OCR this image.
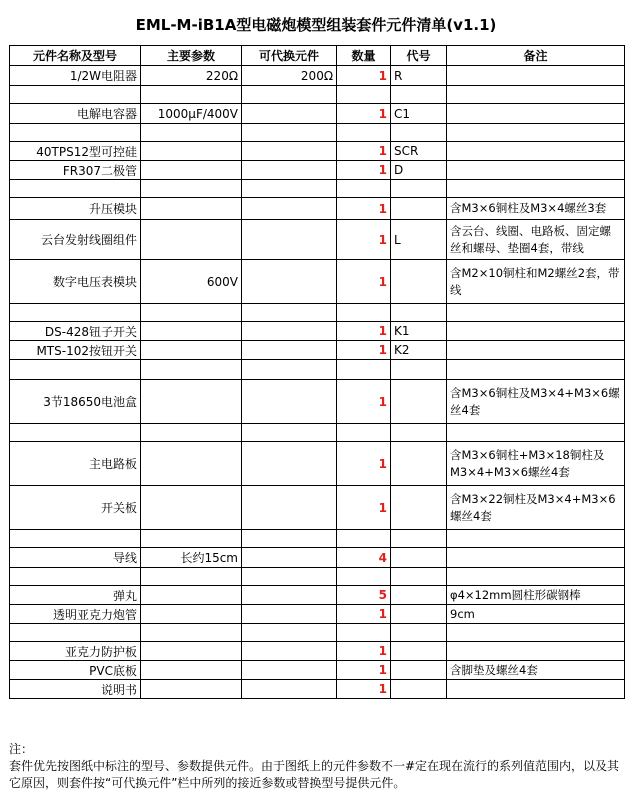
EML-M-iB1A型电磁炮模型组装套件元件清单(v1.1)
元件名称及型号	主要参数	可代换元件	数量	代号	备注
1/2W电阻器	220Ω	200Ω	1	R	

电解电容器	1000μF/400V		1	C1	

40TPS12型可控硅			1	SCR	
FR307二极管			1	D	

升压模块			1		含M3×6铜柱及M3×4螺丝3套
云台发射线圈组件			1	L	含云台、线圈、电路板、固定螺丝和螺母、垫圈4套，带线
数字电压表模块	600V		1		含M2×10铜柱和M2螺丝2套，带线

DS-428钮子开关			1	K1	
MTS-102按钮开关			1	K2	

3节18650电池盒			1		含M3×6铜柱及M3×4+M3×6螺丝4套

主电路板			1		含M3×6铜柱+M3×18铜柱及M3×4+M3×6螺丝4套
开关板			1		含M3×22铜柱及M3×4+M3×6螺丝4套

导线	长约15cm		4		

弹丸			5		φ4×12mm圆柱形碳钢棒
透明亚克力炮管			1		9cm

亚克力防护板			1		
PVC底板			1		含脚垫及螺丝4套
说明书			1		

注：

套件优先按图纸中标注的型号、参数提供元件。由于图纸上的元件参数不一#定在现在流行的系列值范围内，以及其它原因，则套件按“可代换元件”栏中所列的接近参数或替换型号提供元件。
